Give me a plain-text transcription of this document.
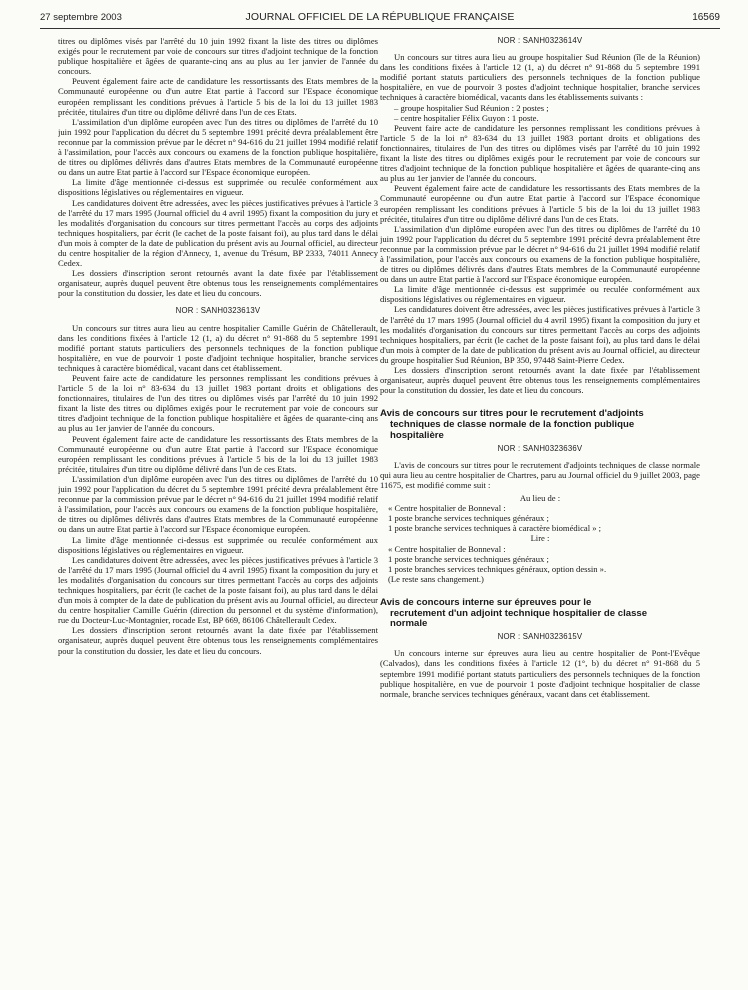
27 septembre 2003	JOURNAL OFFICIEL DE LA RÉPUBLIQUE FRANÇAISE	16569

titres ou diplômes visés par l'arrêté du 10 juin 1992 fixant la liste des titres ou diplômes exigés pour le recrutement par voie de concours sur titres d'adjoint technique de la fonction publique hospitalière et âgées de quarante-cinq ans au plus au 1er janvier de l'année du concours.

Peuvent également faire acte de candidature les ressortissants des Etats membres de la Communauté européenne ou d'un autre Etat partie à l'accord sur l'Espace économique européen remplissant les conditions prévues à l'article 5 bis de la loi du 13 juillet 1983 précitée, titulaires d'un titre ou diplôme délivré dans l'un de ces Etats.

L'assimilation d'un diplôme européen avec l'un des titres ou diplômes de l'arrêté du 10 juin 1992 pour l'application du décret du 5 septembre 1991 précité devra préalablement être reconnue par la commission prévue par le décret n° 94-616 du 21 juillet 1994 modifié relatif à l'assimilation, pour l'accès aux concours ou examens de la fonction publique hospitalière, de titres ou diplômes délivrés dans d'autres Etats membres de la Communauté européenne ou dans un autre Etat partie à l'accord sur l'Espace économique européen.

La limite d'âge mentionnée ci-dessus est supprimée ou reculée conformément aux dispositions législatives ou réglementaires en vigueur.

Les candidatures doivent être adressées, avec les pièces justificatives prévues à l'article 3 de l'arrêté du 17 mars 1995 (Journal officiel du 4 avril 1995) fixant la composition du jury et les modalités d'organisation du concours sur titres permettant l'accès au corps des adjoints techniques hospitaliers, par écrit (le cachet de la poste faisant foi), au plus tard dans le délai d'un mois à compter de la date de publication du présent avis au Journal officiel, au directeur du centre hospitalier de la région d'Annecy, 1, avenue du Trésum, BP 2333, 74011 Annecy Cedex.

Les dossiers d'inscription seront retournés avant la date fixée par l'établissement organisateur, auprès duquel peuvent être obtenus tous les renseignements complémentaires pour la constitution du dossier, les date et lieu du concours.

NOR : SANH0323613V

Un concours sur titres aura lieu au centre hospitalier Camille Guérin de Châtellerault, dans les conditions fixées à l'article 12 (1, a) du décret n° 91-868 du 5 septembre 1991 modifié portant statuts particuliers des personnels techniques de la fonction publique hospitalière, en vue de pourvoir 1 poste d'adjoint technique hospitalier, branche services techniques à caractère biomédical, vacant dans cet établissement.

Peuvent faire acte de candidature les personnes remplissant les conditions prévues à l'article 5 de la loi n° 83-634 du 13 juillet 1983 portant droits et obligations des fonctionnaires, titulaires de l'un des titres ou diplômes visés par l'arrêté du 10 juin 1992 fixant la liste des titres ou diplômes exigés pour le recrutement par voie de concours sur titres d'adjoint technique de la fonction publique hospitalière et âgées de quarante-cinq ans au plus au 1er janvier de l'année du concours.

Peuvent également faire acte de candidature les ressortissants des Etats membres de la Communauté européenne ou d'un autre Etat partie à l'accord sur l'Espace économique européen remplissant les conditions prévues à l'article 5 bis de la loi du 13 juillet 1983 précitée, titulaires d'un titre ou diplôme délivré dans l'un de ces Etats.

L'assimilation d'un diplôme européen avec l'un des titres ou diplômes de l'arrêté du 10 juin 1992 pour l'application du décret du 5 septembre 1991 précité devra préalablement être reconnue par la commission prévue par le décret n° 94-616 du 21 juillet 1994 modifié relatif à l'assimilation, pour l'accès aux concours ou examens de la fonction publique hospitalière, de titres ou diplômes délivrés dans d'autres Etats membres de la Communauté européenne ou dans un autre Etat partie à l'accord sur l'Espace économique européen.

La limite d'âge mentionnée ci-dessus est supprimée ou reculée conformément aux dispositions législatives ou réglementaires en vigueur.

Les candidatures doivent être adressées, avec les pièces justificatives prévues à l'article 3 de l'arrêté du 17 mars 1995 (Journal officiel du 4 avril 1995) fixant la composition du jury et les modalités d'organisation du concours sur titres permettant l'accès au corps des adjoints techniques hospitaliers, par écrit (le cachet de la poste faisant foi), au plus tard dans le délai d'un mois à compter de la date de publication du présent avis au Journal officiel, au directeur du centre hospitalier Camille Guérin (direction du personnel et du système d'information), rue du Docteur-Luc-Montagnier, rocade Est, BP 669, 86106 Châtellerault Cedex.

Les dossiers d'inscription seront retournés avant la date fixée par l'établissement organisateur, auprès duquel peuvent être obtenus tous les renseignements complémentaires pour la constitution du dossier, les date et lieu du concours.

NOR : SANH0323614V

Un concours sur titres aura lieu au groupe hospitalier Sud Réunion (île de la Réunion) dans les conditions fixées à l'article 12 (1, a) du décret n° 91-868 du 5 septembre 1991 modifié portant statuts particuliers des personnels techniques de la fonction publique hospitalière, en vue de pourvoir 3 postes d'adjoint technique hospitalier, branche services techniques à caractère biomédical, vacants dans les établissements suivants :

– groupe hospitalier Sud Réunion : 2 postes ;
– centre hospitalier Félix Guyon : 1 poste.

Peuvent faire acte de candidature les personnes remplissant les conditions prévues à l'article 5 de la loi n° 83-634 du 13 juillet 1983 portant droits et obligations des fonctionnaires, titulaires de l'un des titres ou diplômes visés par l'arrêté du 10 juin 1992 fixant la liste des titres ou diplômes exigés pour le recrutement par voie de concours sur titres d'adjoint technique de la fonction publique hospitalière et âgées de quarante-cinq ans au plus au 1er janvier de l'année du concours.

Peuvent également faire acte de candidature les ressortissants des Etats membres de la Communauté européenne ou d'un autre Etat partie à l'accord sur l'Espace économique européen remplissant les conditions prévues à l'article 5 bis de la loi du 13 juillet 1983 précitée, titulaires d'un titre ou diplôme délivré dans l'un de ces Etats.

L'assimilation d'un diplôme européen avec l'un des titres ou diplômes de l'arrêté du 10 juin 1992 pour l'application du décret du 5 septembre 1991 précité devra préalablement être reconnue par la commission prévue par le décret n° 94-616 du 21 juillet 1994 modifié relatif à l'assimilation, pour l'accès aux concours ou examens de la fonction publique hospitalière, de titres ou diplômes délivrés dans d'autres Etats membres de la Communauté européenne ou dans un autre Etat partie à l'accord sur l'Espace économique européen.

La limite d'âge mentionnée ci-dessus est supprimée ou reculée conformément aux dispositions législatives ou réglementaires en vigueur.

Les candidatures doivent être adressées, avec les pièces justificatives prévues à l'article 3 de l'arrêté du 17 mars 1995 (Journal officiel du 4 avril 1995) fixant la composition du jury et les modalités d'organisation du concours sur titres permettant l'accès au corps des adjoints techniques hospitaliers, par écrit (le cachet de la poste faisant foi), au plus tard dans le délai d'un mois à compter de la date de publication du présent avis au Journal officiel, au directeur du groupe hospitalier Sud Réunion, BP 350, 97448 Saint-Pierre Cedex.

Les dossiers d'inscription seront retournés avant la date fixée par l'établissement organisateur, auprès duquel peuvent être obtenus tous les renseignements complémentaires pour la constitution du dossier, les date et lieu du concours.

Avis de concours sur titres pour le recrutement d'adjoints
techniques de classe normale de la fonction publique
hospitalière
NOR : SANH0323636V

L'avis de concours sur titres pour le recrutement d'adjoints techniques de classe normale qui aura lieu au centre hospitalier de Chartres, paru au Journal officiel du 9 juillet 2003, page 11675, est modifié comme suit :

Au lieu de :

« Centre hospitalier de Bonneval :

1 poste branche services techniques généraux ;

1 poste branche services techniques à caractère biomédical » ;

Lire :

« Centre hospitalier de Bonneval :

1 poste branche services techniques généraux ;

1 poste branches services techniques généraux, option dessin ».

(Le reste sans changement.)

Avis de concours interne sur épreuves pour le
recrutement d'un adjoint technique hospitalier de classe
normale
NOR : SANH0323615V

Un concours interne sur épreuves aura lieu au centre hospitalier de Pont-l'Evêque (Calvados), dans les conditions fixées à l'article 12 (1°, b) du décret n° 91-868 du 5 septembre 1991 modifié portant statuts particuliers des personnels techniques de la fonction publique hospitalière, en vue de pourvoir 1 poste d'adjoint technique hospitalier de classe normale, branche services techniques généraux, vacant dans cet établissement.
